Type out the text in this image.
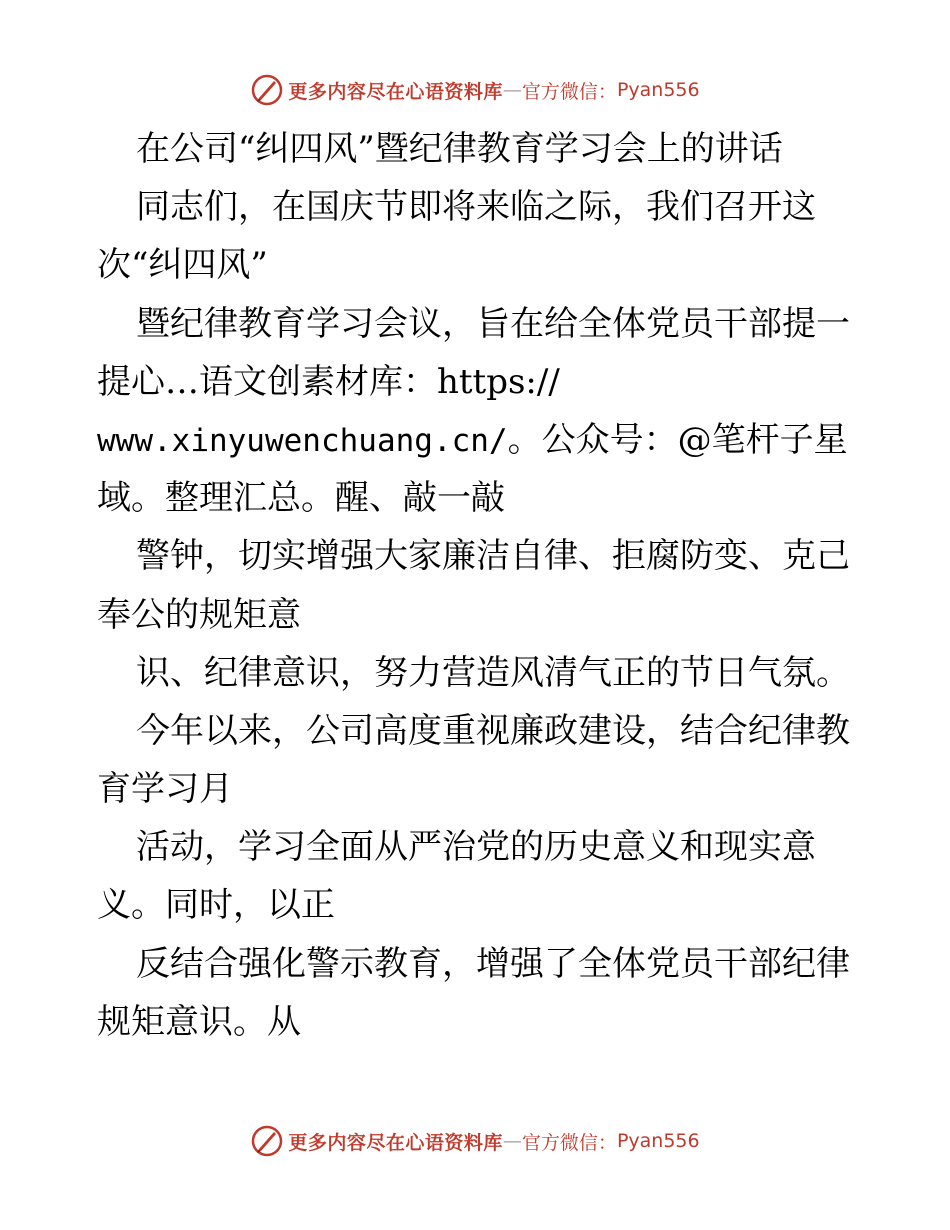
更多内容尽在心语资料库 — 官方微信： Pyan556
在公司“纠四风”暨纪律教育学习会上的讲话
同志们，在国庆节即将来临之际，我们召开这
次“纠四风”
暨纪律教育学习会议，旨在给全体党员干部提一
提心…语文创素材库：https://
www.xinyuwenchuang.cn/。公众号：@笔杆子星
域。整理汇总。醒、敲一敲
警钟，切实增强大家廉洁自律、拒腐防变、克己
奉公的规矩意
识、纪律意识，努力营造风清气正的节日气氛。
今年以来，公司高度重视廉政建设，结合纪律教
育学习月
活动，学习全面从严治党的历史意义和现实意
义。同时，以正
反结合强化警示教育，增强了全体党员干部纪律
规矩意识。从
更多内容尽在心语资料库 — 官方微信： Pyan556
